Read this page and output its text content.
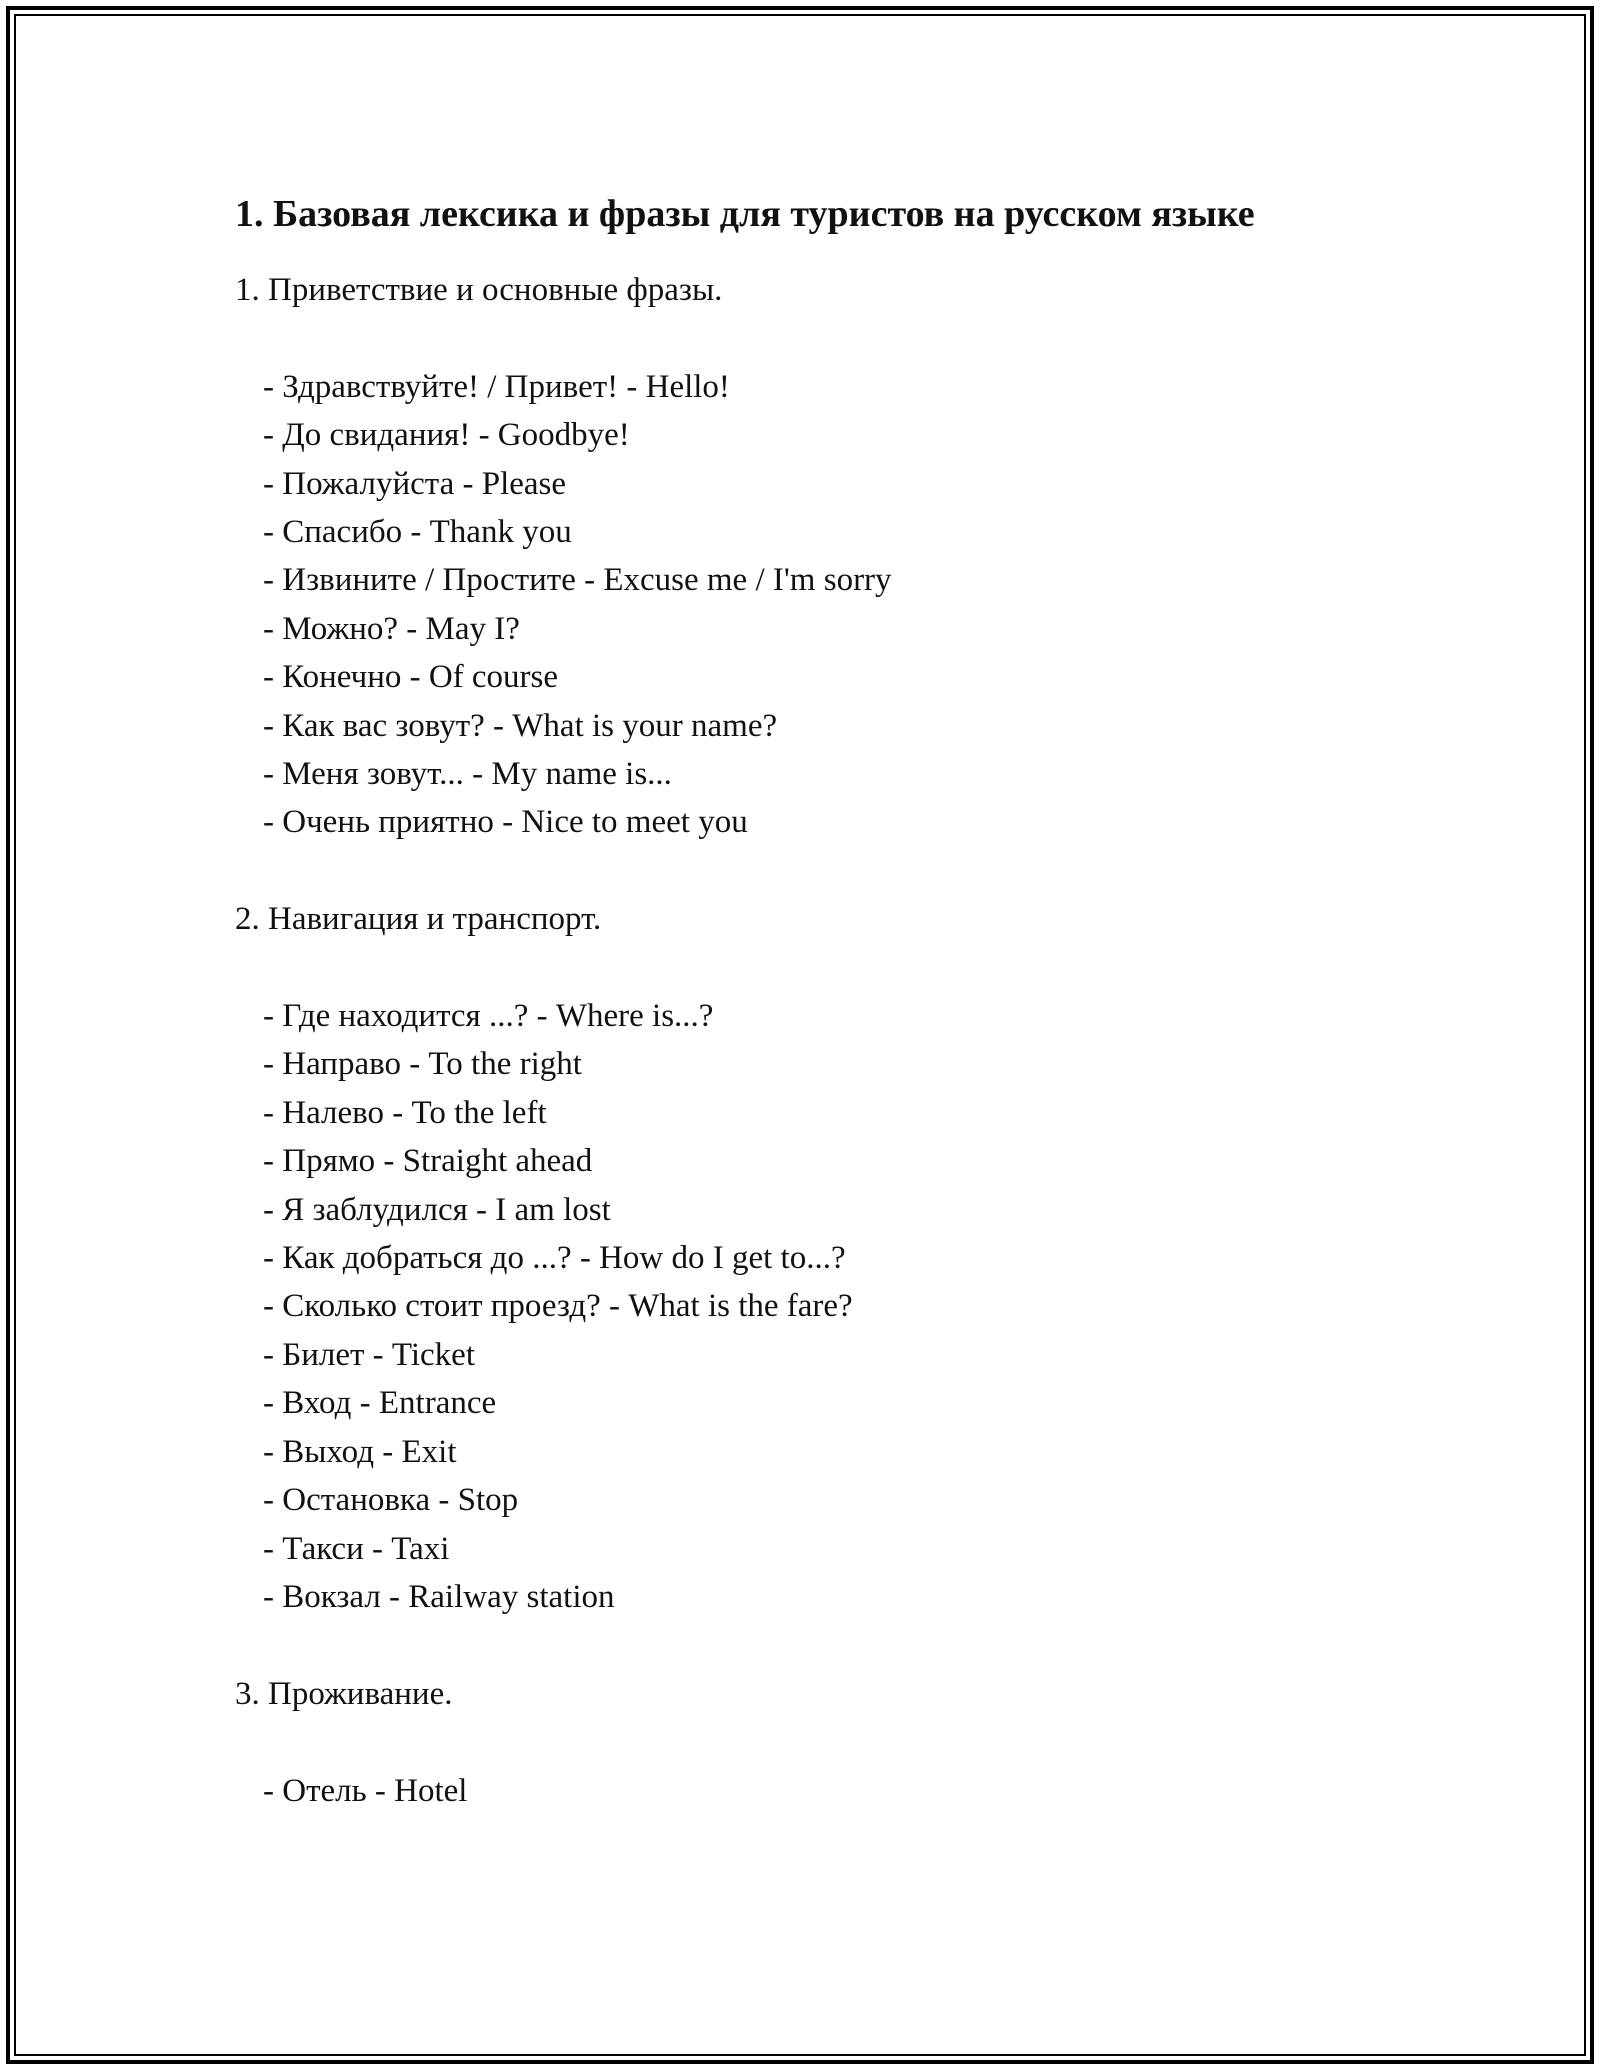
1. Базовая лексика и фразы для туристов на русском языке

1. Приветствие и основные фразы.

- Здравствуйте! / Привет! - Hello!
- До свидания! - Goodbye!
- Пожалуйста - Please
- Спасибо - Thank you
- Извините / Простите - Excuse me / I'm sorry
- Можно? - May I?
- Конечно - Of course
- Как вас зовут? - What is your name?
- Меня зовут... - My name is...
- Очень приятно - Nice to meet you

2. Навигация и транспорт.

- Где находится ...? - Where is...?
- Направо - To the right
- Налево - To the left
- Прямо - Straight ahead
- Я заблудился - I am lost
- Как добраться до ...? - How do I get to...?
- Сколько стоит проезд? - What is the fare?
- Билет - Ticket
- Вход - Entrance
- Выход - Exit
- Остановка - Stop
- Такси - Taxi
- Вокзал - Railway station

3. Проживание.

- Отель - Hotel
